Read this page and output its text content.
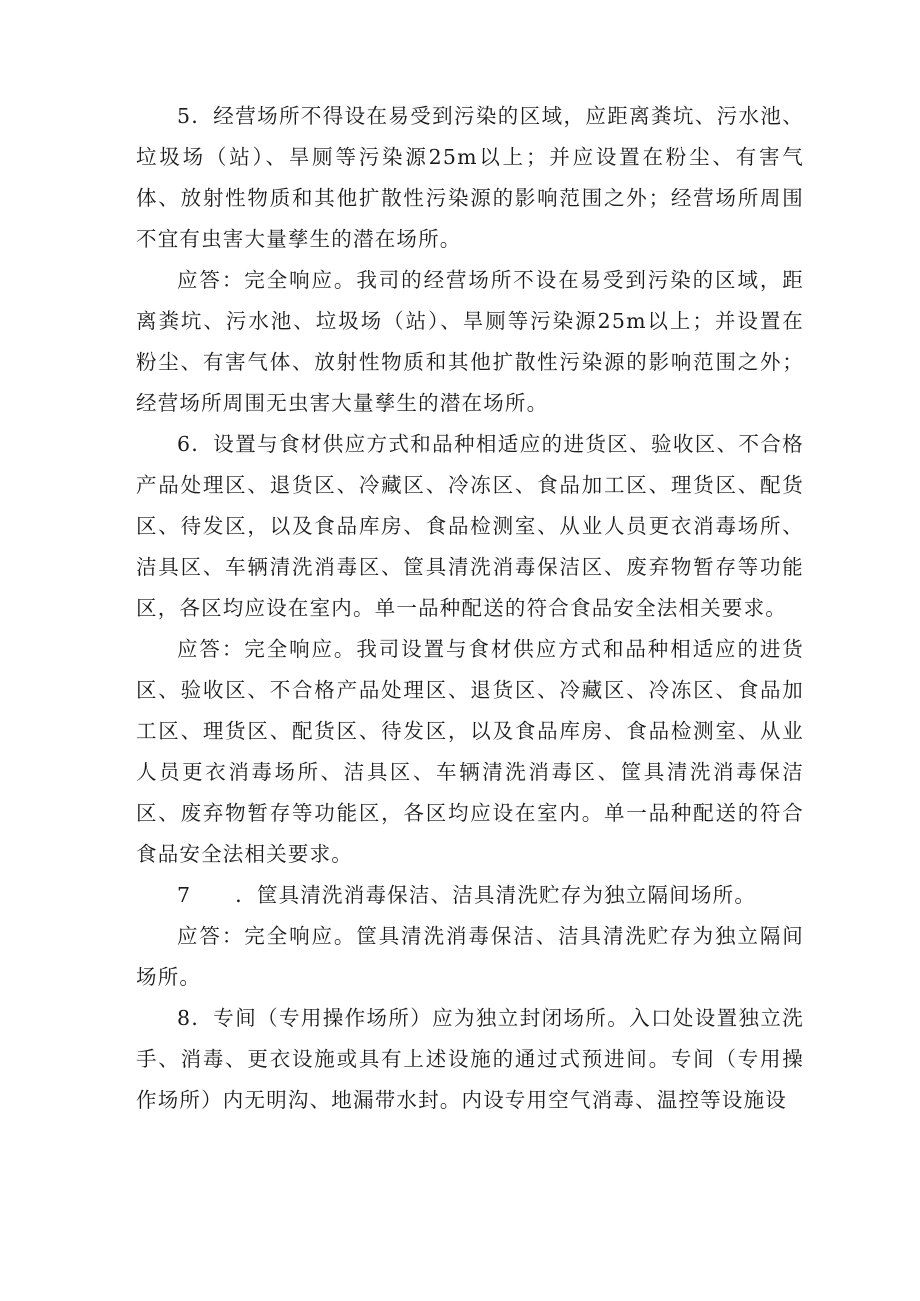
5．经营场所不得设在易受到污染的区域，应距离粪坑、污水池、垃圾场（站）、旱厕等污染源25m以上；并应设置在粉尘、有害气体、放射性物质和其他扩散性污染源的影响范围之外；经营场所周围不宜有虫害大量孳生的潜在场所。

应答：完全响应。我司的经营场所不设在易受到污染的区域，距离粪坑、污水池、垃圾场（站）、旱厕等污染源25m以上；并设置在粉尘、有害气体、放射性物质和其他扩散性污染源的影响范围之外；经营场所周围无虫害大量孳生的潜在场所。

6．设置与食材供应方式和品种相适应的进货区、验收区、不合格产品处理区、退货区、冷藏区、冷冻区、食品加工区、理货区、配货区、待发区，以及食品库房、食品检测室、从业人员更衣消毒场所、洁具区、车辆清洗消毒区、筐具清洗消毒保洁区、废弃物暂存等功能区，各区均应设在室内。单一品种配送的符合食品安全法相关要求。

应答：完全响应。我司设置与食材供应方式和品种相适应的进货区、验收区、不合格产品处理区、退货区、冷藏区、冷冻区、食品加工区、理货区、配货区、待发区，以及食品库房、食品检测室、从业人员更衣消毒场所、洁具区、车辆清洗消毒区、筐具清洗消毒保洁区、废弃物暂存等功能区，各区均应设在室内。单一品种配送的符合食品安全法相关要求。

7 ．筐具清洗消毒保洁、洁具清洗贮存为独立隔间场所。

应答：完全响应。筐具清洗消毒保洁、洁具清洗贮存为独立隔间场所。

8．专间（专用操作场所）应为独立封闭场所。入口处设置独立洗手、消毒、更衣设施或具有上述设施的通过式预进间。专间（专用操作场所）内无明沟、地漏带水封。内设专用空气消毒、温控等设施设
